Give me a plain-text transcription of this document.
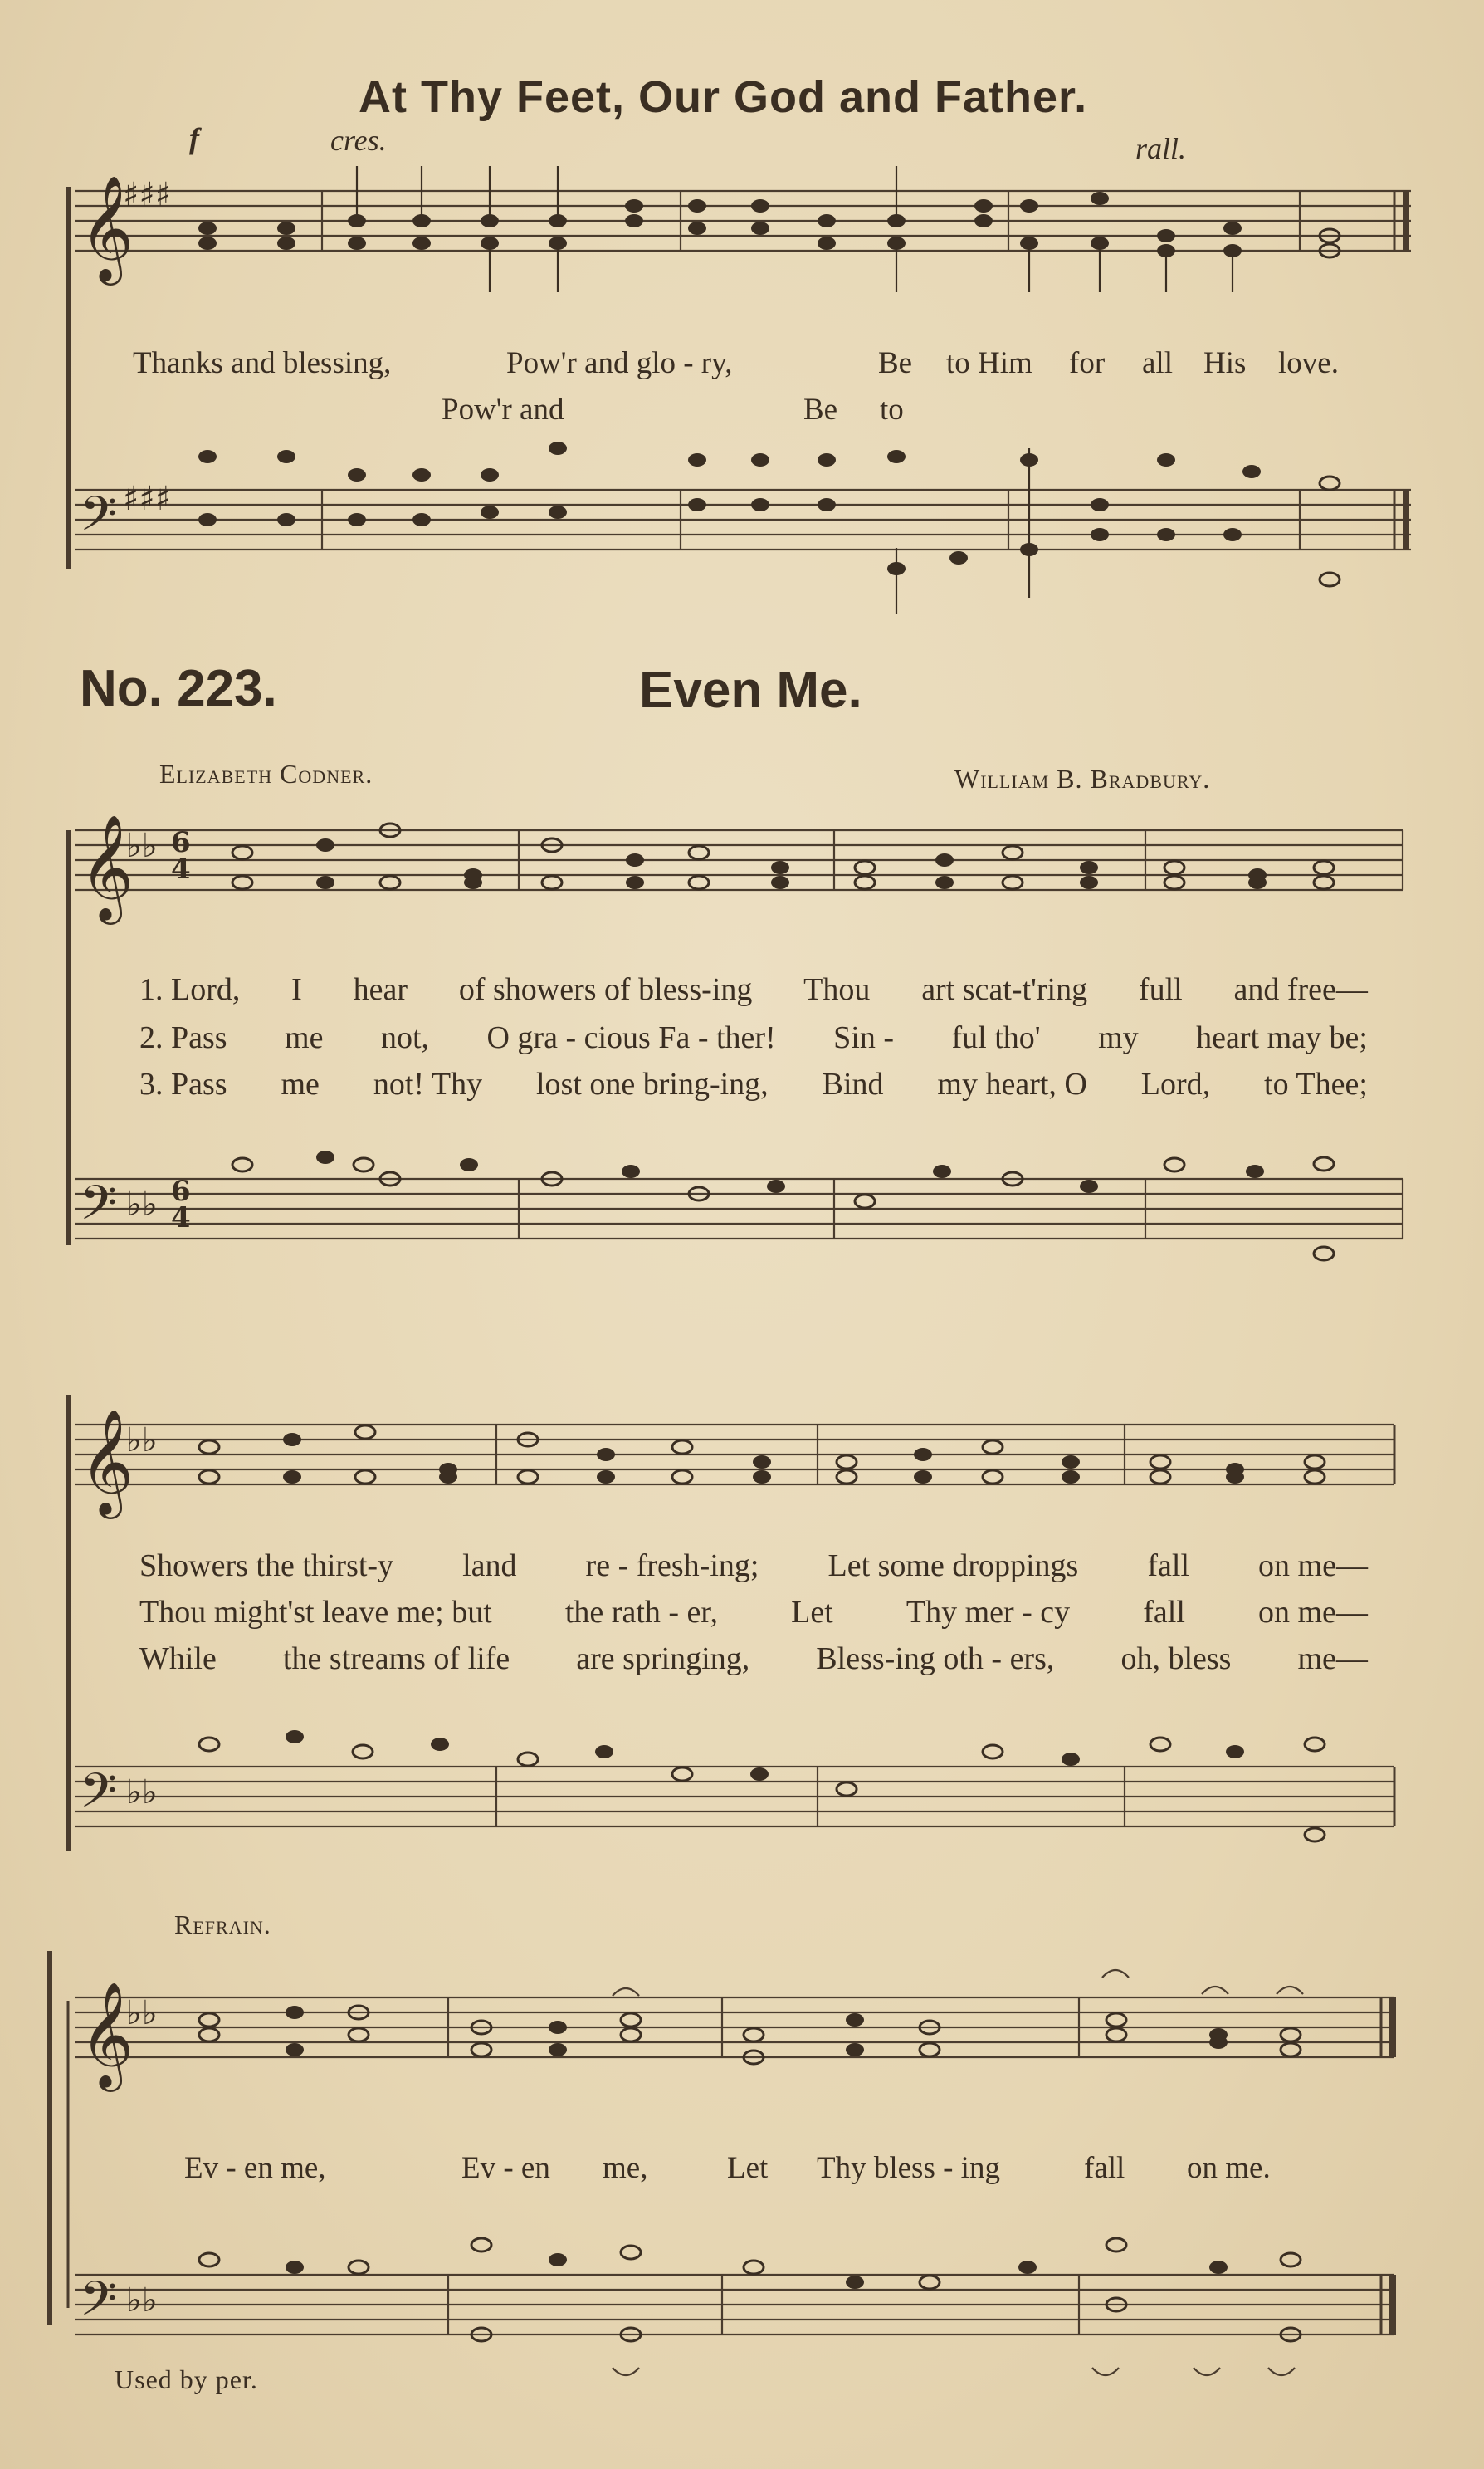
At Thy Feet, Our God and Father.
f	cres.	rall.
𝄞
𝄢
♯♯♯
♯♯♯
Thanks and blessing,	Pow'r and glo - ry,	Be to Him for all His love.
Pow'r and	Be to
No. 223.	Even Me.
Elizabeth Codner.	William B. Bradbury.
𝄞
𝄢
♭♭
♭♭
6
4
6
4
1. Lord, I hear of showers of bless-ing Thou art scat-t'ring full and free—
2. Pass me not, O gra - cious Fa - ther! Sin - ful tho' my heart may be;
3. Pass me not! Thy lost one bring-ing, Bind my heart, O Lord, to Thee;
𝄞
𝄢
♭♭
♭♭
Showers the thirst-y land re - fresh-ing; Let some droppings fall on me—
Thou might'st leave me; but the rath - er, Let Thy mer - cy fall on me—
While the streams of life are springing, Bless-ing oth - ers, oh, bless me—
Refrain.
𝄞
𝄢
♭♭
♭♭
Ev - en me,	Ev - en me,	Let Thy bless - ing	fall on me.
Used by per.
